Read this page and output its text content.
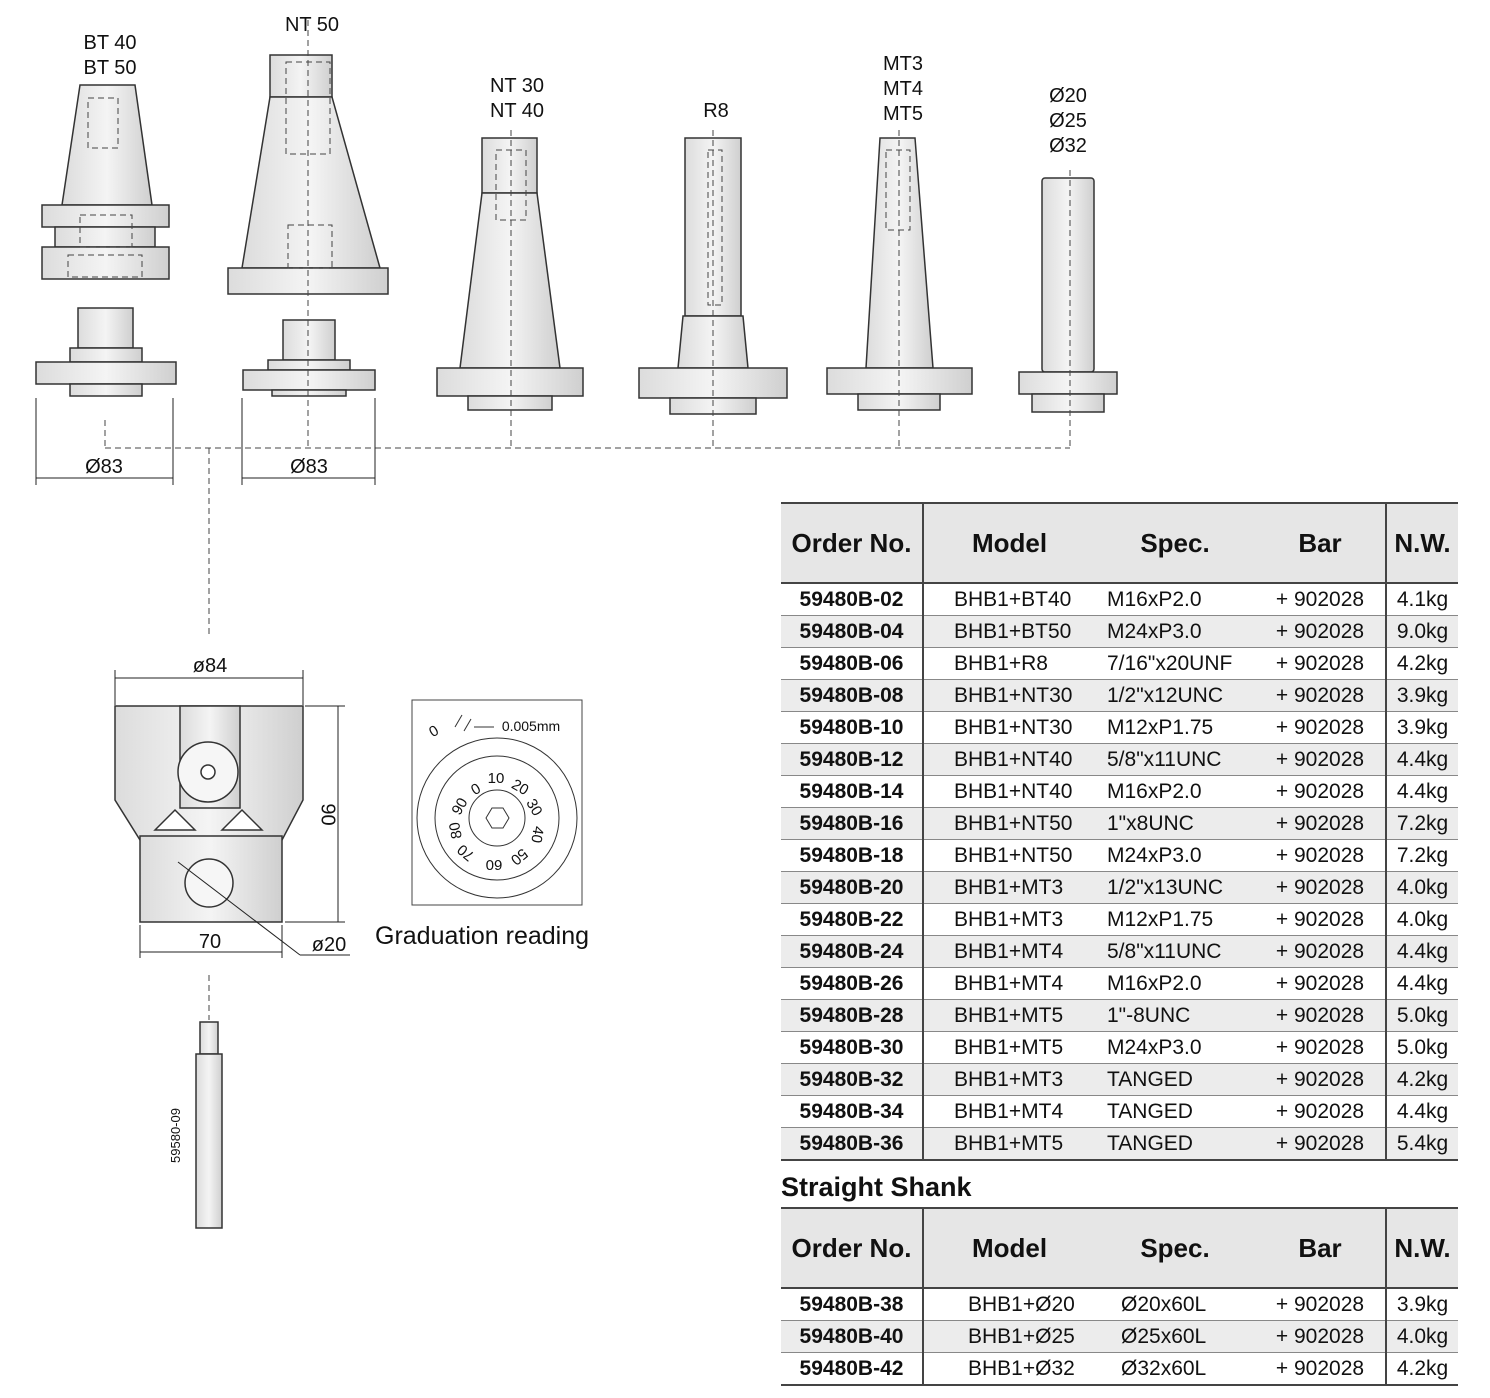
BT 40
BT 50
NT 50
NT 30
NT 40	R8
MT3
MT4
MT5
Ø20
Ø25
Ø32
Ø83	Ø83
ø84
90
70	ø20
0	0.005mm
10 20
30
40
50
60
70
80
90
0
Graduation reading
59580-09
Order No.	Model	Spec.	Bar	N.W.
59480B-02	BHB1+BT40	M16xP2.0	+ 902028	4.1kg
59480B-04	BHB1+BT50	M24xP3.0	+ 902028	9.0kg
59480B-06	BHB1+R8	7/16"x20UNF	+ 902028	4.2kg
59480B-08	BHB1+NT30	1/2"x12UNC	+ 902028	3.9kg
59480B-10	BHB1+NT30	M12xP1.75	+ 902028	3.9kg
59480B-12	BHB1+NT40	5/8"x11UNC	+ 902028	4.4kg
59480B-14	BHB1+NT40	M16xP2.0	+ 902028	4.4kg
59480B-16	BHB1+NT50	1"x8UNC	+ 902028	7.2kg
59480B-18	BHB1+NT50	M24xP3.0	+ 902028	7.2kg
59480B-20	BHB1+MT3	1/2"x13UNC	+ 902028	4.0kg
59480B-22	BHB1+MT3	M12xP1.75	+ 902028	4.0kg
59480B-24	BHB1+MT4	5/8"x11UNC	+ 902028	4.4kg
59480B-26	BHB1+MT4	M16xP2.0	+ 902028	4.4kg
59480B-28	BHB1+MT5	1"-8UNC	+ 902028	5.0kg
59480B-30	BHB1+MT5	M24xP3.0	+ 902028	5.0kg
59480B-32	BHB1+MT3	TANGED	+ 902028	4.2kg
59480B-34	BHB1+MT4	TANGED	+ 902028	4.4kg
59480B-36	BHB1+MT5	TANGED	+ 902028	5.4kg
Straight Shank
Order No.	Model	Spec.	Bar	N.W.
59480B-38	BHB1+Ø20	Ø20x60L	+ 902028	3.9kg
59480B-40	BHB1+Ø25	Ø25x60L	+ 902028	4.0kg
59480B-42	BHB1+Ø32	Ø32x60L	+ 902028	4.2kg
